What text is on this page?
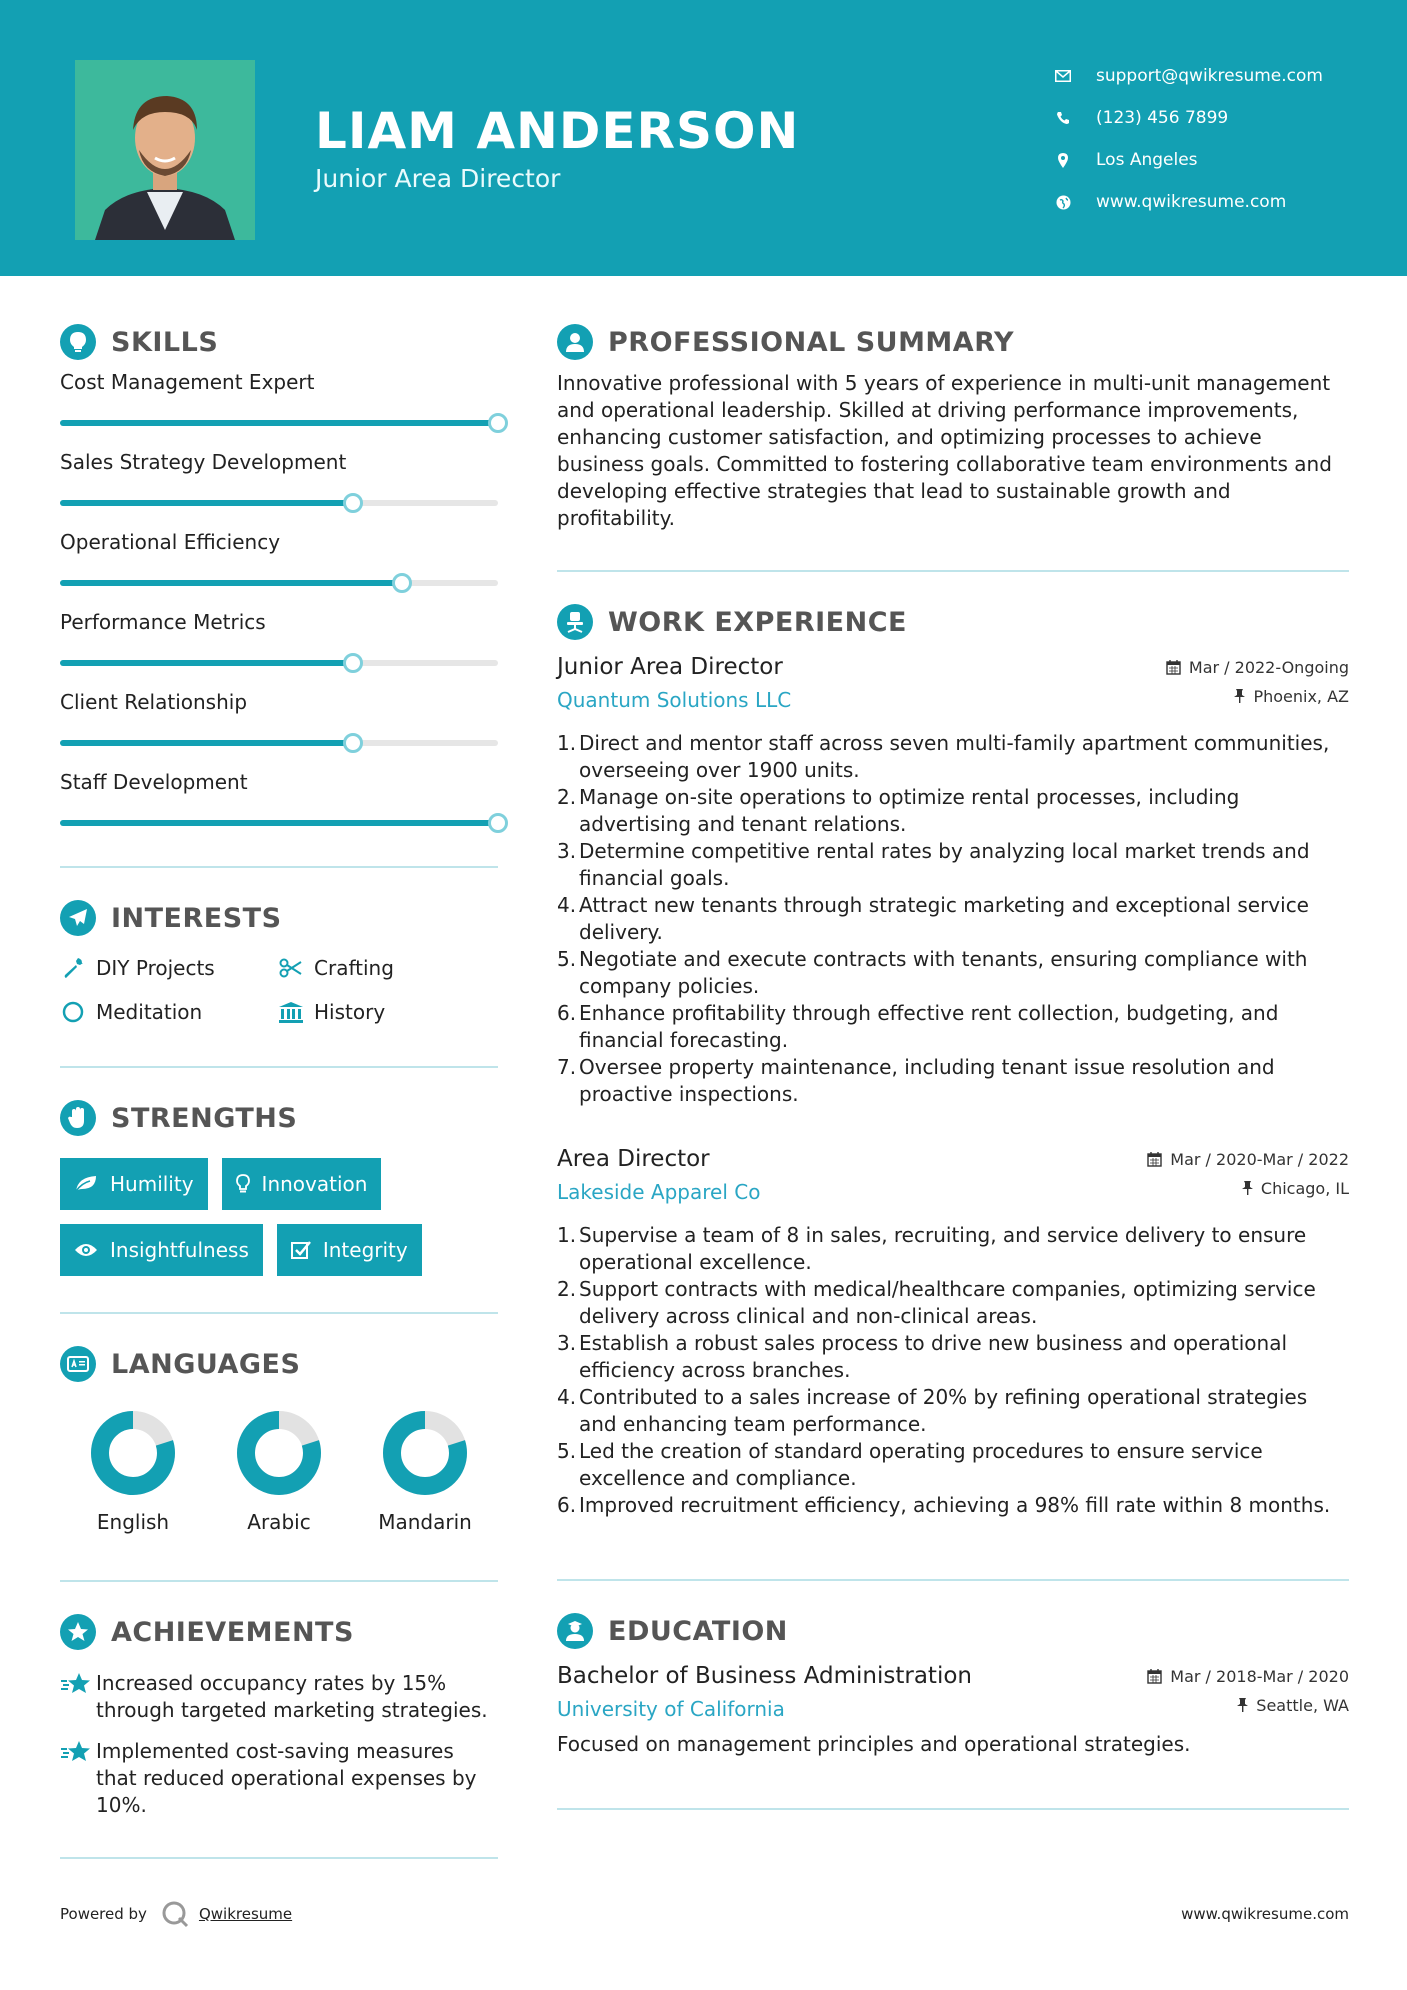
LIAM ANDERSON
Junior Area Director
support@qwikresume.com
(123) 456 7899
Los Angeles
www.qwikresume.com
SKILLS
Cost Management Expert
Sales Strategy Development
Operational Efficiency
Performance Metrics
Client Relationship
Staff Development
INTERESTS
DIY Projects	Crafting
Meditation	History
STRENGTHS
Humility	Innovation
Insightfulness	Integrity
LANGUAGES
English	Arabic	Mandarin
ACHIEVEMENTS
Increased occupancy rates by 15% through targeted marketing strategies.
Implemented cost-saving measures that reduced operational expenses by 10%.
PROFESSIONAL SUMMARY
Innovative professional with 5 years of experience in multi-unit management and operational leadership. Skilled at driving performance improvements, enhancing customer satisfaction, and optimizing processes to achieve business goals. Committed to fostering collaborative team environments and developing effective strategies that lead to sustainable growth and profitability.
WORK EXPERIENCE
Junior Area Director	Mar / 2022-Ongoing
Quantum Solutions LLC	Phoenix, AZ
1. Direct and mentor staff across seven multi-family apartment communities, overseeing over 1900 units.
2. Manage on-site operations to optimize rental processes, including advertising and tenant relations.
3. Determine competitive rental rates by analyzing local market trends and financial goals.
4. Attract new tenants through strategic marketing and exceptional service delivery.
5. Negotiate and execute contracts with tenants, ensuring compliance with company policies.
6. Enhance profitability through effective rent collection, budgeting, and financial forecasting.
7. Oversee property maintenance, including tenant issue resolution and proactive inspections.
Area Director	Mar / 2020-Mar / 2022
Lakeside Apparel Co	Chicago, IL
1. Supervise a team of 8 in sales, recruiting, and service delivery to ensure operational excellence.
2. Support contracts with medical/healthcare companies, optimizing service delivery across clinical and non-clinical areas.
3. Establish a robust sales process to drive new business and operational efficiency across branches.
4. Contributed to a sales increase of 20% by refining operational strategies and enhancing team performance.
5. Led the creation of standard operating procedures to ensure service excellence and compliance.
6. Improved recruitment efficiency, achieving a 98% fill rate within 8 months.
EDUCATION
Bachelor of Business Administration	Mar / 2018-Mar / 2020
University of California	Seattle, WA
Focused on management principles and operational strategies.
Powered by	Qwikresume	www.qwikresume.com
